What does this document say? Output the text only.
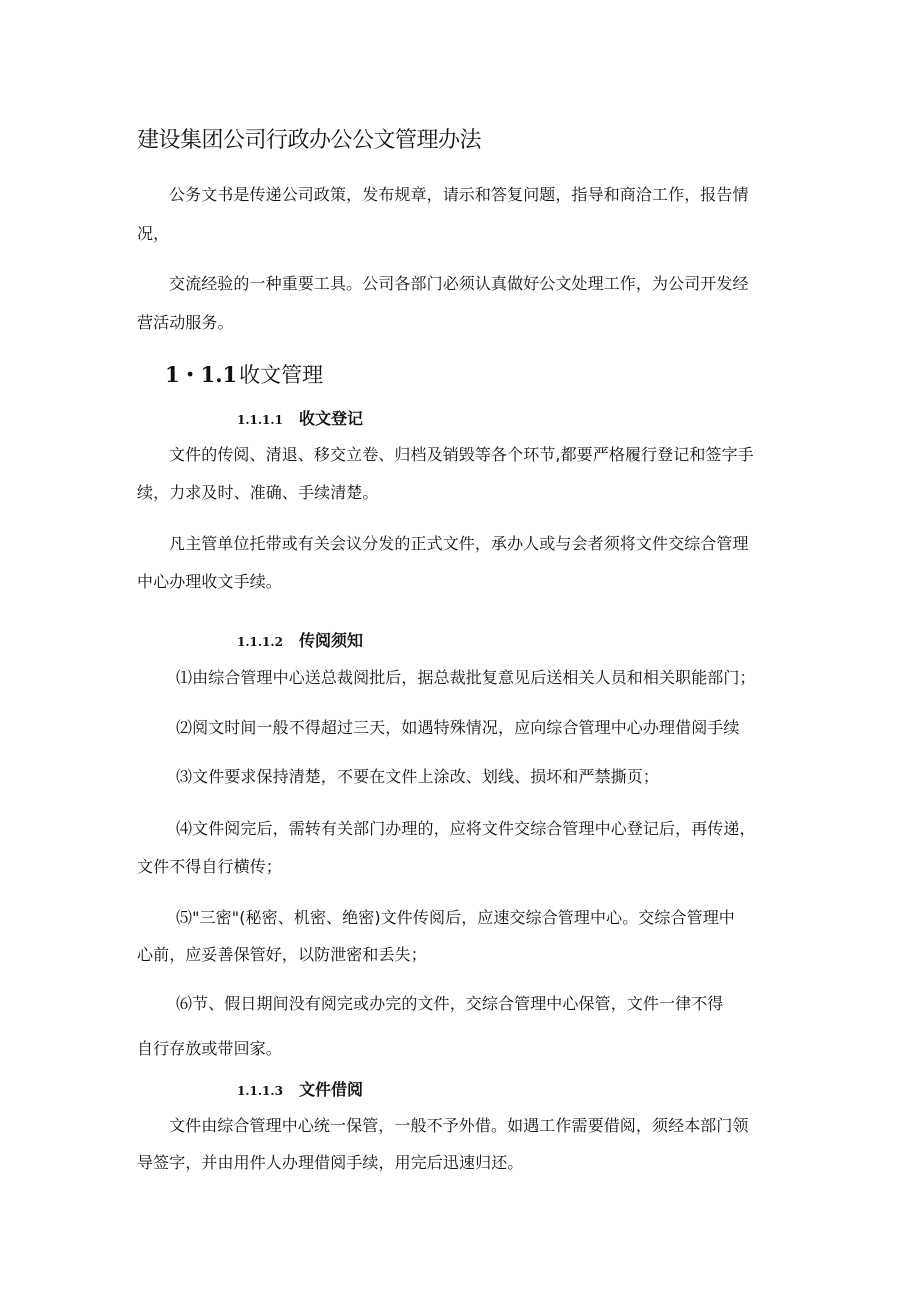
建设集团公司行政办公公文管理办法
公务文书是传递公司政策，发布规章，请示和答复问题，指导和商洽工作，报告情
况，
交流经验的一种重要工具。公司各部门必须认真做好公文处理工作，为公司开发经
营活动服务。
1・1.1收文管理
1.1.1.1 收文登记
文件的传阅、清退、移交立卷、归档及销毁等各个环节,都要严格履行登记和签字手
续，力求及时、准确、手续清楚。
凡主管单位托带或有关会议分发的正式文件，承办人或与会者须将文件交综合管理
中心办理收文手续。
1.1.1.2 传阅须知
⑴由综合管理中心送总裁阅批后，据总裁批复意见后送相关人员和相关职能部门；
⑵阅文时间一般不得超过三天，如遇特殊情况，应向综合管理中心办理借阅手续
⑶文件要求保持清楚，不要在文件上涂改、划线、损坏和严禁撕页；
⑷文件阅完后，需转有关部门办理的，应将文件交综合管理中心登记后，再传递，
文件不得自行横传；
⑸"三密"(秘密、机密、绝密)文件传阅后，应速交综合管理中心。交综合管理中
心前，应妥善保管好，以防泄密和丢失；
⑹节、假日期间没有阅完或办完的文件，交综合管理中心保管，文件一律不得
自行存放或带回家。
1.1.1.3 文件借阅
文件由综合管理中心统一保管，一般不予外借。如遇工作需要借阅，须经本部门领
导签字，并由用件人办理借阅手续，用完后迅速归还。
